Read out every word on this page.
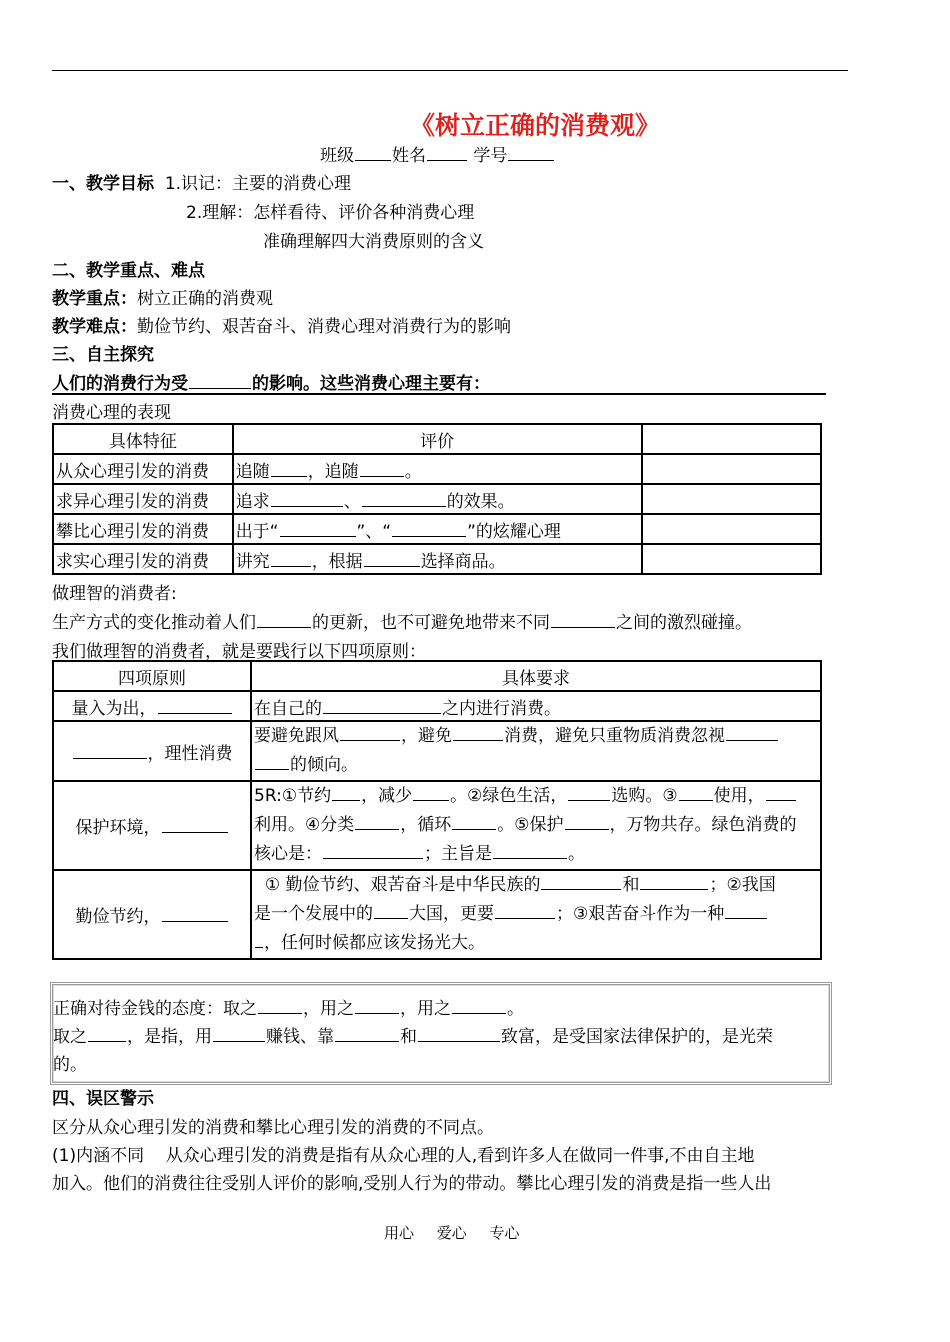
《树立正确的消费观》
班级 姓名	学号
一、教学目标 1.识记：主要的消费心理
2.理解：怎样看待、评价各种消费心理
准确理解四大消费原则的含义
二、教学重点、难点
教学重点：树立正确的消费观
教学难点：勤俭节约、艰苦奋斗、消费心理对消费行为的影响
三、自主探究
人们的消费行为受	的影响。这些消费心理主要有：
消费心理的表现
具体特征	评价	
从众心理引发的消费	追随 ，追随 。	
求异心理引发的消费	追求 、 的效果。	
攀比心理引发的消费	出于“ ”、“ ”的炫耀心理	
求实心理引发的消费	讲究 ，根据 选择商品。	
做理智的消费者:
生产方式的变化推动着人们	的更新，也不可避免地带来不同	之间的激烈碰撞。
我们做理智的消费者，就是要践行以下四项原则：
四项原则	具体要求
量入为出，	在自己的 之内进行消费。
，理性消费	要避免跟风 ，避免 消费，避免只重物质消费忽视
的倾向。
保护环境，	5R:①节约 ，减少 。②绿色生活， 选购。③ 使用，
利用。④分类 ，循环 。⑤保护 ，万物共存。绿色消费的
核心是： ；主旨是 。
勤俭节约，	① 勤俭节约、艰苦奋斗是中华民族的 和 ；②我国
是一个发展中的 大国，更要 ；③艰苦奋斗作为一种
，任何时候都应该发扬光大。
正确对待金钱的态度：取之	，用之	，用之	。
取之 ，是指，用	赚钱、靠	和	致富，是受国家法律保护的，是光荣
的。
四、误区警示
区分从众心理引发的消费和攀比心理引发的消费的不同点。
(1)内涵不同    从众心理引发的消费是指有从众心理的人,看到许多人在做同一件事,不由自主地
加入。他们的消费往往受别人评价的影响,受别人行为的带动。攀比心理引发的消费是指一些人出
用心 爱心 专心
